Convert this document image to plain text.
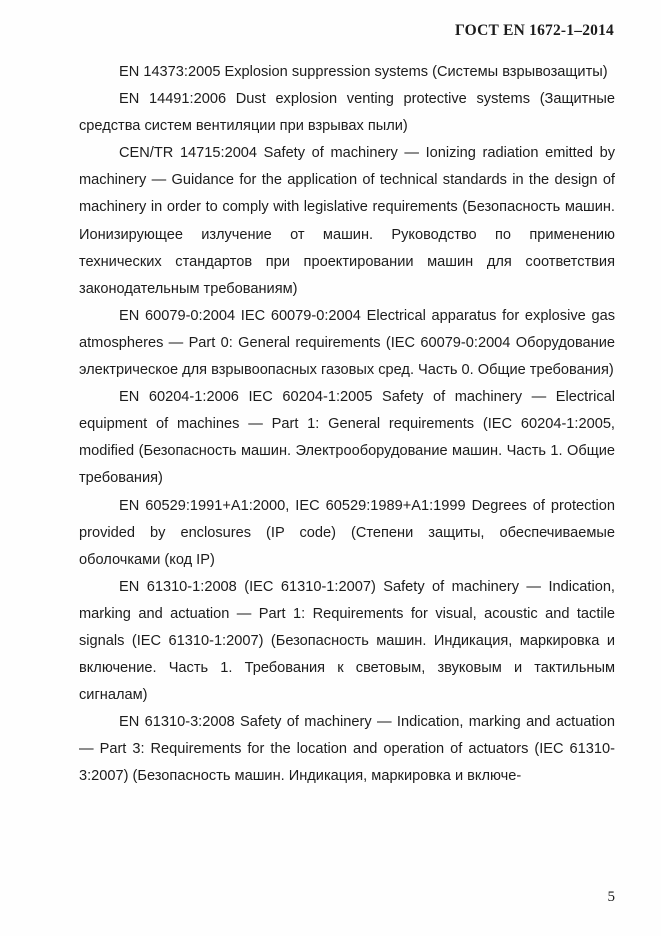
ГОСТ EN 1672-1–2014

EN 14373:2005 Explosion suppression systems (Системы взрывозащиты)

EN 14491:2006 Dust explosion venting protective systems (Защитные средства систем вентиляции при взрывах пыли)

CEN/TR 14715:2004 Safety of machinery — Ionizing radiation emitted by machinery — Guidance for the application of technical standards in the design of machinery in order to comply with legislative requirements (Безопасность машин. Ионизирующее излучение от машин. Руководство по применению технических стандартов при проектировании машин для соответствия законодательным требованиям)

EN 60079-0:2004 IEC 60079-0:2004 Electrical apparatus for explosive gas atmospheres — Part 0: General requirements (IEC 60079-0:2004 Оборудование электрическое для взрывоопасных газовых сред. Часть 0. Общие требования)

EN 60204-1:2006 IEC 60204-1:2005 Safety of machinery — Electrical equipment of machines — Part 1: General requirements (IEC 60204-1:2005, modified (Безопасность машин. Электрооборудование машин. Часть 1. Общие требования)

EN 60529:1991+A1:2000, IEC 60529:1989+A1:1999 Degrees of protection provided by enclosures (IP code) (Степени защиты, обеспечиваемые оболочками (код IP)

EN 61310-1:2008 (IEC 61310-1:2007) Safety of machinery — Indication, marking and actuation — Part 1: Requirements for visual, acoustic and tactile signals (IEC 61310-1:2007) (Безопасность машин. Индикация, маркировка и включение. Часть 1. Требования к световым, звуковым и тактильным сигналам)

EN 61310-3:2008 Safety of machinery — Indication, marking and actuation — Part 3: Requirements for the location and operation of actuators (IEC 61310-3:2007) (Безопасность машин. Индикация, маркировка и включе-

5
